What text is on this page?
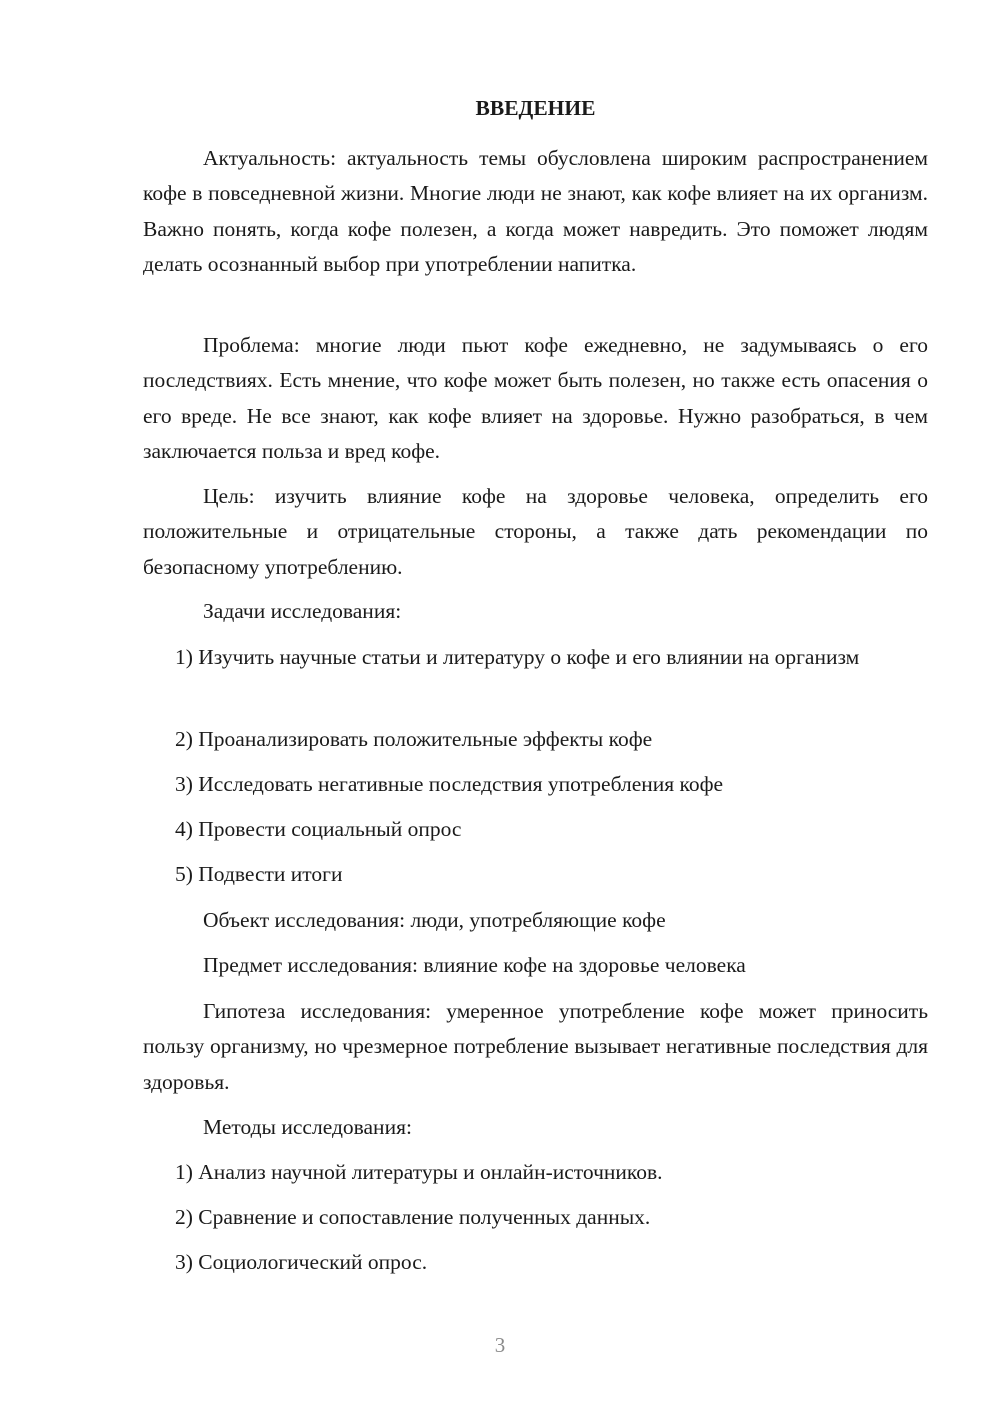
ВВЕДЕНИЕ

Актуальность: актуальность темы обусловлена широким распространением кофе в повседневной жизни. Многие люди не знают, как кофе влияет на их организм. Важно понять, когда кофе полезен, а когда может навредить. Это поможет людям делать осознанный выбор при употреблении напитка.

Проблема: многие люди пьют кофе ежедневно, не задумываясь о его последствиях. Есть мнение, что кофе может быть полезен, но также есть опасения о его вреде. Не все знают, как кофе влияет на здоровье. Нужно разобраться, в чем заключается польза и вред кофе.

Цель: изучить влияние кофе на здоровье человека, определить его положительные и отрицательные стороны, а также дать рекомендации по безопасному употреблению.

Задачи исследования:

1) Изучить научные статьи и литературу о кофе и его влиянии на организм

2) Проанализировать положительные эффекты кофе

3) Исследовать негативные последствия употребления кофе

4) Провести социальный опрос

5) Подвести итоги

Объект исследования: люди, употребляющие кофе

Предмет исследования: влияние кофе на здоровье человека

Гипотеза исследования: умеренное употребление кофе может приносить пользу организму, но чрезмерное потребление вызывает негативные последствия для здоровья.

Методы исследования:

1) Анализ научной литературы и онлайн-источников.

2) Сравнение и сопоставление полученных данных.

3) Социологический опрос.

3
